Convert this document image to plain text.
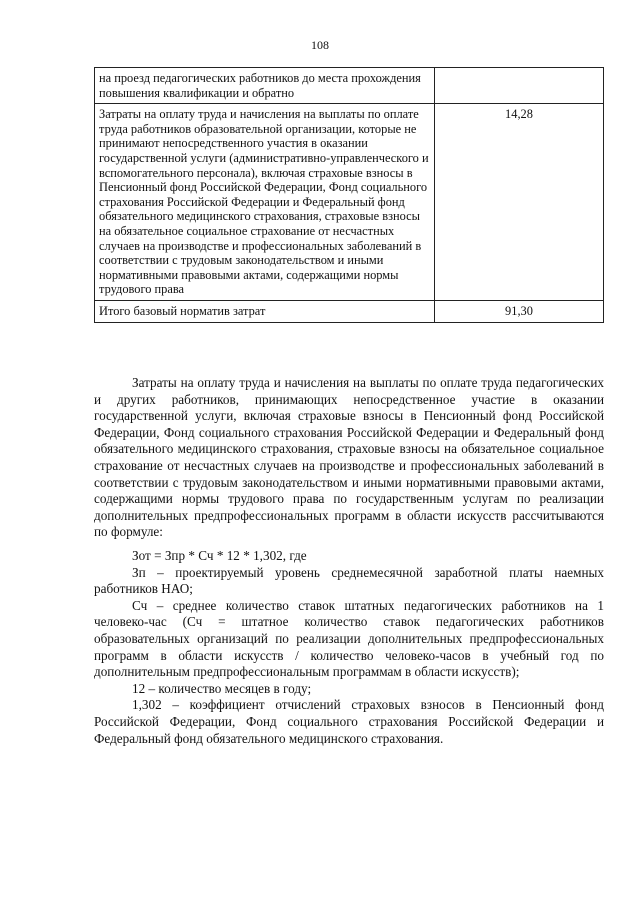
108
на проезд педагогических работников до места прохождения повышения квалификации и обратно	
Затраты на оплату труда и начисления на выплаты по оплате труда работников образовательной организации, которые не принимают непосредственного участия в оказании государственной услуги (административно-управленческого и вспомогательного персонала), включая страховые взносы в Пенсионный фонд Российской Федерации, Фонд социального страхования Российской Федерации и Федеральный фонд обязательного медицинского страхования, страховые взносы на обязательное социальное страхование от несчастных случаев на производстве и профессиональных заболеваний в соответствии с трудовым законодательством и иными нормативными правовыми актами, содержащими нормы трудового права	14,28
Итого базовый норматив затрат	91,30

Затраты на оплату труда и начисления на выплаты по оплате труда педагогических и других работников, принимающих непосредственное участие в оказании государственной услуги, включая страховые взносы в Пенсионный фонд Российской Федерации, Фонд социального страхования Российской Федерации и Федеральный фонд обязательного медицинского страхования, страховые взносы на обязательное социальное страхование от несчастных случаев на производстве и профессиональных заболеваний в соответствии с трудовым законодательством и иными нормативными правовыми актами, содержащими нормы трудового права по государственным услугам по реализации дополнительных предпрофессиональных программ в области искусств рассчитываются по формуле:

Зот = Зпр * Сч * 12 * 1,302, где

Зп – проектируемый уровень среднемесячной заработной платы наемных работников НАО;

Сч – среднее количество ставок штатных педагогических работников на 1 человеко-час (Сч = штатное количество ставок педагогических работников образовательных организаций по реализации дополнительных предпрофессиональных программ в области искусств / количество человеко-часов в учебный год по дополнительным предпрофессиональным программам в области искусств);

12 – количество месяцев в году;

1,302 – коэффициент отчислений страховых взносов в Пенсионный фонд Российской Федерации, Фонд социального страхования Российской Федерации и Федеральный фонд обязательного медицинского страхования.
